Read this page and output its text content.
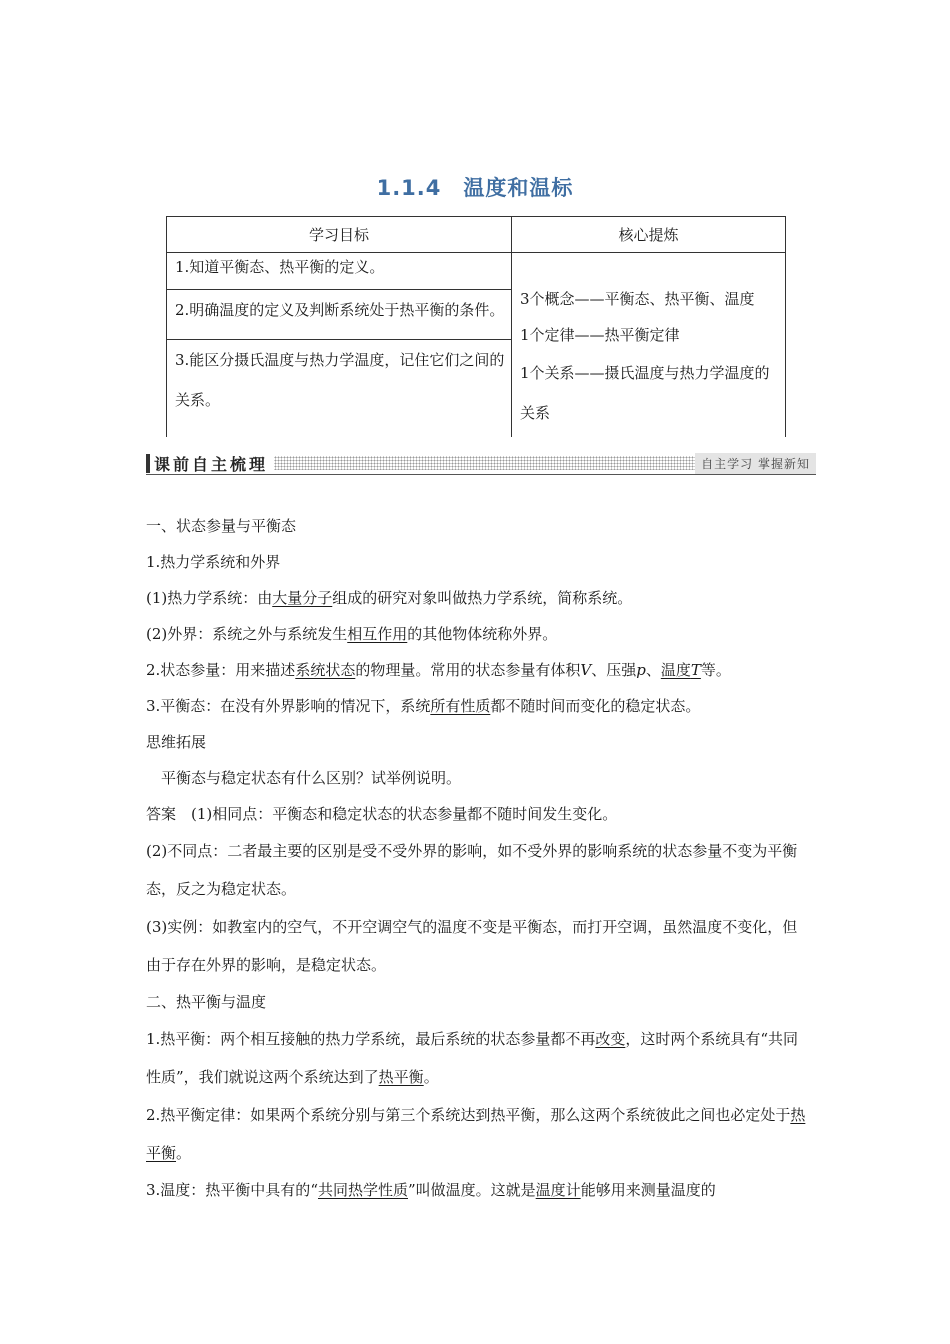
1.1.4　温度和温标
学习目标	核心提炼
1.知道平衡态、热平衡的定义。	3个概念——平衡态、热平衡、温度
1个定律——热平衡定律
1个关系——摄氏温度与热力学温度的关系

2.明确温度的定义及判断系统处于热平衡的条件。	
3.能区分摄氏温度与热力学温度，记住它们之间的关系。	
课前自主梳理	自主学习 掌握新知

一、状态参量与平衡态

1.热力学系统和外界

(1)热力学系统：由大量分子组成的研究对象叫做热力学系统，简称系统。

(2)外界：系统之外与系统发生相互作用的其他物体统称外界。

2.状态参量：用来描述系统状态的物理量。常用的状态参量有体积V、压强p、温度T等。

3.平衡态：在没有外界影响的情况下，系统所有性质都不随时间而变化的稳定状态。

思维拓展

平衡态与稳定状态有什么区别？试举例说明。

答案　(1)相同点：平衡态和稳定状态的状态参量都不随时间发生变化。

(2)不同点：二者最主要的区别是受不受外界的影响，如不受外界的影响系统的状态参量不变为平衡态，反之为稳定状态。

(3)实例：如教室内的空气，不开空调空气的温度不变是平衡态，而打开空调，虽然温度不变化，但由于存在外界的影响，是稳定状态。

二、热平衡与温度

1.热平衡：两个相互接触的热力学系统，最后系统的状态参量都不再改变，这时两个系统具有“共同性质”，我们就说这两个系统达到了热平衡。

2.热平衡定律：如果两个系统分别与第三个系统达到热平衡，那么这两个系统彼此之间也必定处于热平衡。

3.温度：热平衡中具有的“共同热学性质”叫做温度。这就是温度计能够用来测量温度的
